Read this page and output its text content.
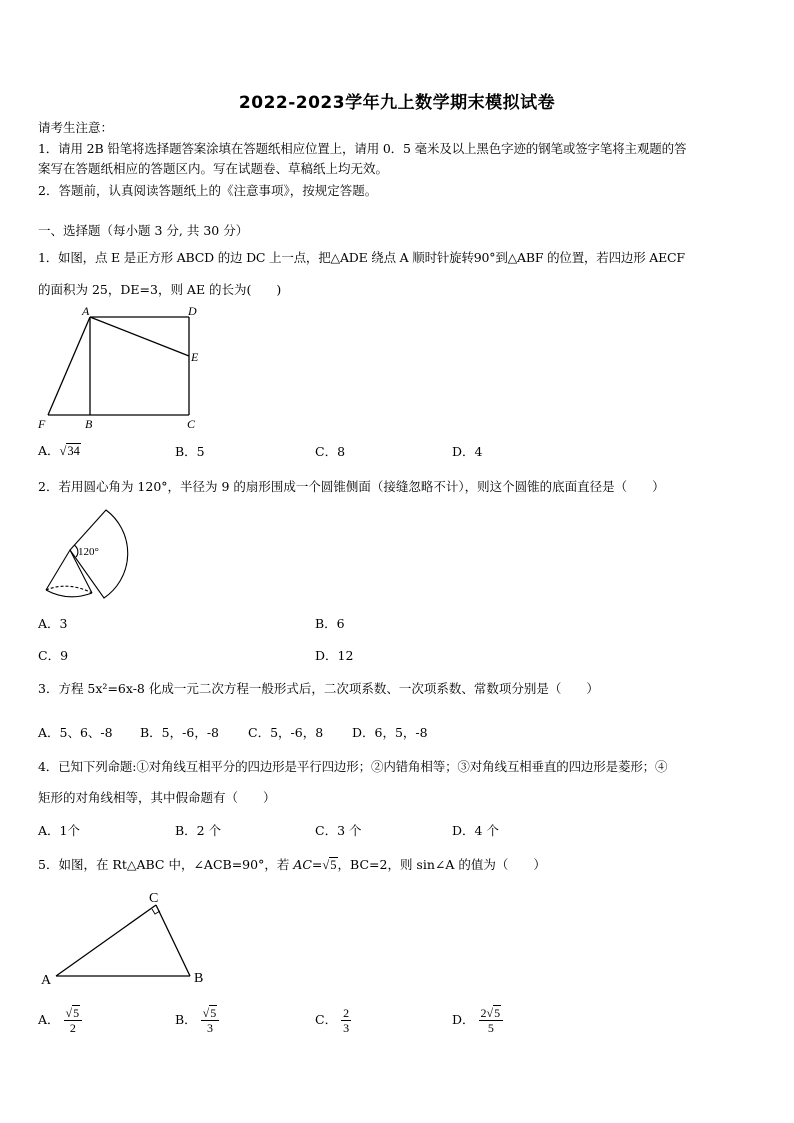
2022-2023学年九上数学期末模拟试卷
请考生注意：
1．请用 2B 铅笔将选择题答案涂填在答题纸相应位置上，请用 0．5 毫米及以上黑色字迹的钢笔或签字笔将主观题的答
案写在答题纸相应的答题区内。写在试题卷、草稿纸上均无效。
2．答题前，认真阅读答题纸上的《注意事项》，按规定答题。
一、选择题（每小题 3 分, 共 30 分）
1．如图，点 E 是正方形 ABCD 的边 DC 上一点，把△ADE 绕点 A 顺时针旋转90°到△ABF 的位置，若四边形 AECF
的面积为 25，DE=3，则 AE 的长为(　　)
A	D
E
F	B	C
A．√34	B．5	C．8	D．4
2．若用圆心角为 120°，半径为 9 的扇形围成一个圆锥侧面（接缝忽略不计），则这个圆锥的底面直径是（　　）
120°
A．3	B．6
C．9	D．12
3．方程 5x²=6x-8 化成一元二次方程一般形式后，二次项系数、一次项系数、常数项分别是（　　）
A．5、6、-8 B．5，-6，-8 C．5，-6，8 D．6，5，-8
4．已知下列命题:①对角线互相平分的四边形是平行四边形；②内错角相等；③对角线互相垂直的四边形是菱形；④
矩形的对角线相等，其中假命题有（　　）
A．1个	B．2 个	C．3 个	D．4 个
5．如图，在 Rt△ABC 中，∠ACB=90°，若 AC=√5，BC=2，则 sin∠A 的值为（　　）
A	B
C
A． $\frac{√5}{2}$	B． $\frac{√5}{3}$	C． $\frac{2}{3}$	D． $\frac{2√5}{5}$
